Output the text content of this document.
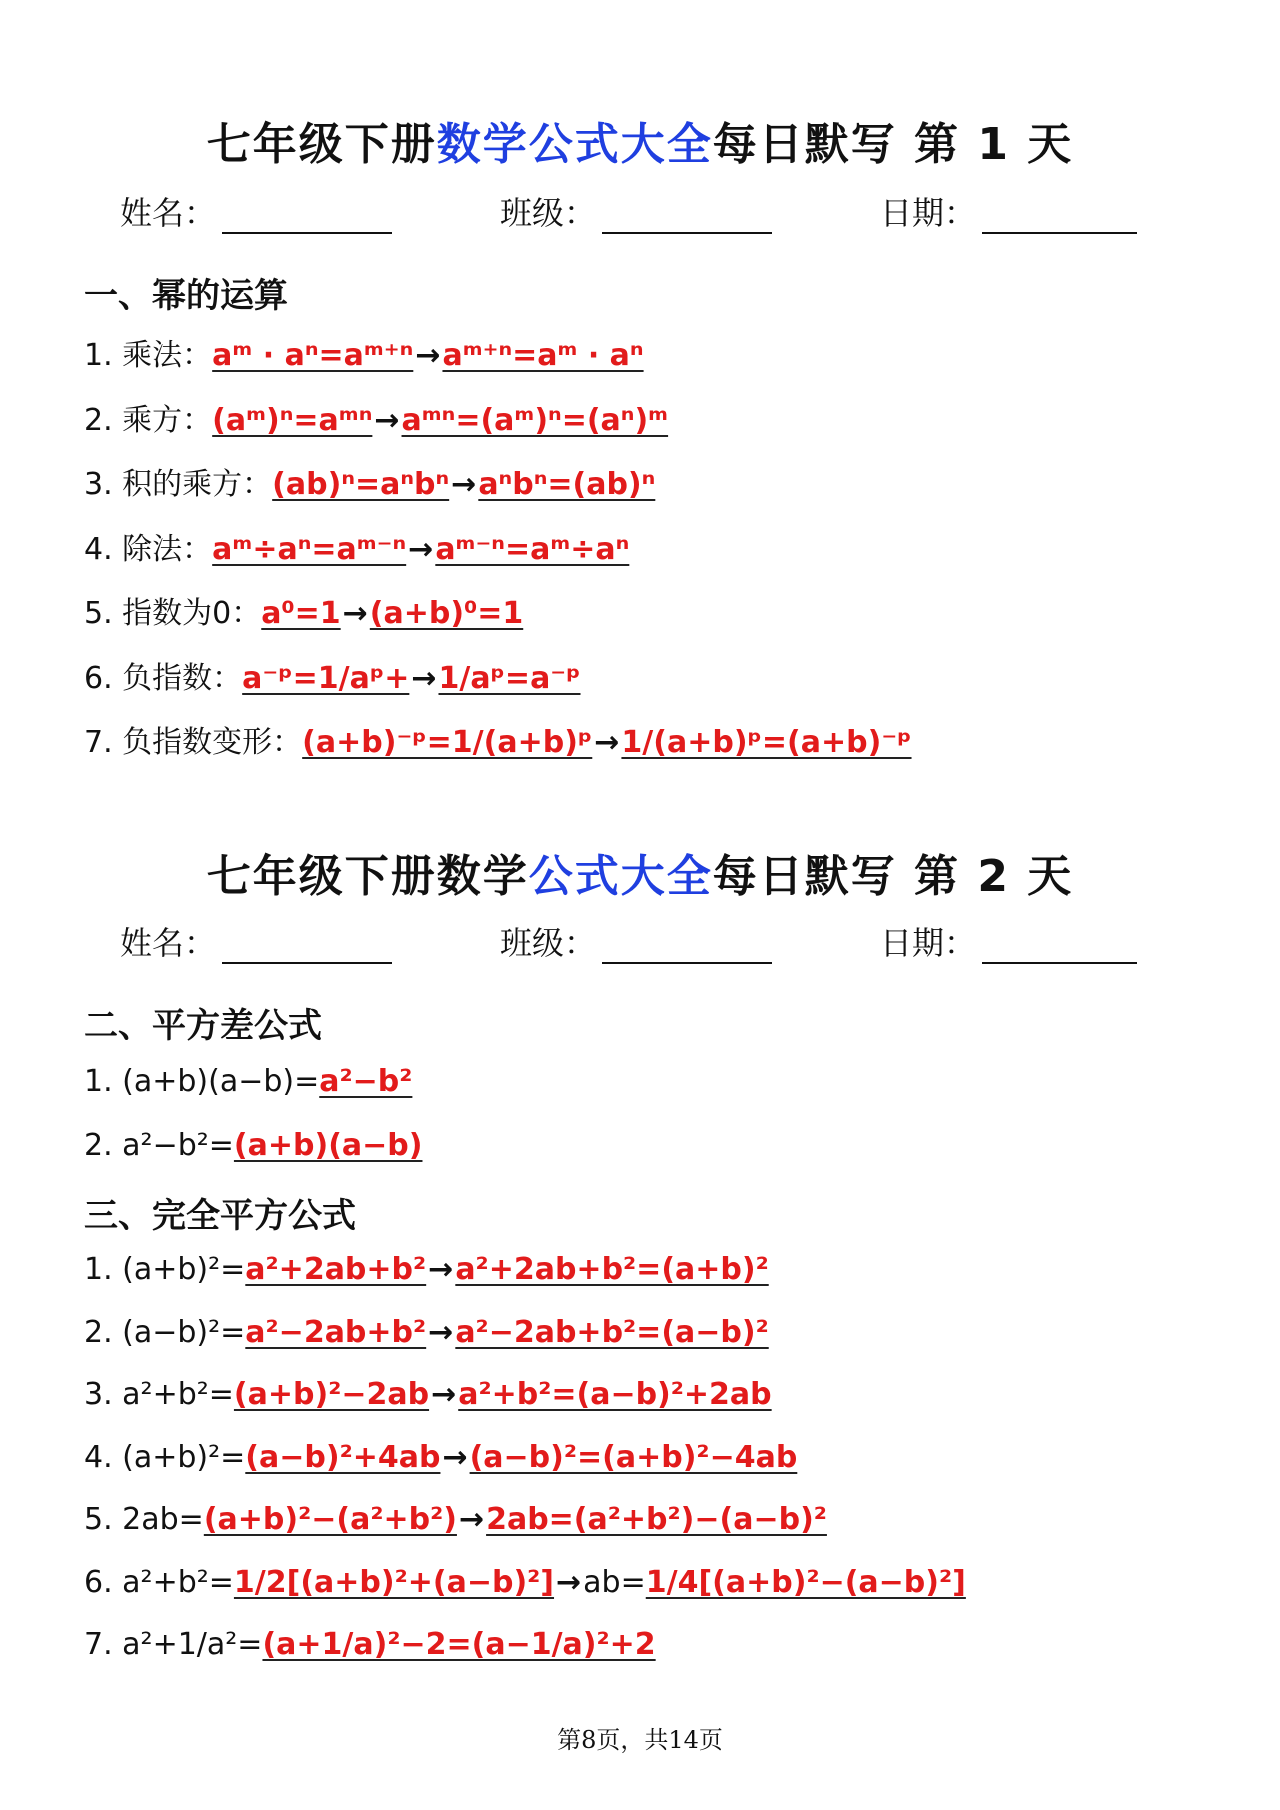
七年级下册数学公式大全每日默写 第 1 天
姓名：	班级：	日期：
一、幂的运算
1. 乘法：aᵐ · aⁿ=aᵐ⁺ⁿ→aᵐ⁺ⁿ=aᵐ · aⁿ
2. 乘方：(aᵐ)ⁿ=aᵐⁿ→aᵐⁿ=(aᵐ)ⁿ=(aⁿ)ᵐ
3. 积的乘方：(ab)ⁿ=aⁿbⁿ→aⁿbⁿ=(ab)ⁿ
4. 除法：aᵐ÷aⁿ=aᵐ⁻ⁿ→aᵐ⁻ⁿ=aᵐ÷aⁿ
5. 指数为0：a⁰=1→(a+b)⁰=1
6. 负指数：a⁻ᵖ=1/aᵖ+→1/aᵖ=a⁻ᵖ
7. 负指数变形：(a+b)⁻ᵖ=1/(a+b)ᵖ→1/(a+b)ᵖ=(a+b)⁻ᵖ
七年级下册数学公式大全每日默写 第 2 天
姓名：	班级：	日期：
二、平方差公式
1. (a+b)(a−b)=a²−b²
2. a²−b²=(a+b)(a−b)
三、完全平方公式
1. (a+b)²=a²+2ab+b²→a²+2ab+b²=(a+b)²
2. (a−b)²=a²−2ab+b²→a²−2ab+b²=(a−b)²
3. a²+b²=(a+b)²−2ab→a²+b²=(a−b)²+2ab
4. (a+b)²=(a−b)²+4ab→(a−b)²=(a+b)²−4ab
5. 2ab=(a+b)²−(a²+b²)→2ab=(a²+b²)−(a−b)²
6. a²+b²=1/2[(a+b)²+(a−b)²]→ab=1/4[(a+b)²−(a−b)²]
7. a²+1/a²=(a+1/a)²−2=(a−1/a)²+2
第8页，共14页
